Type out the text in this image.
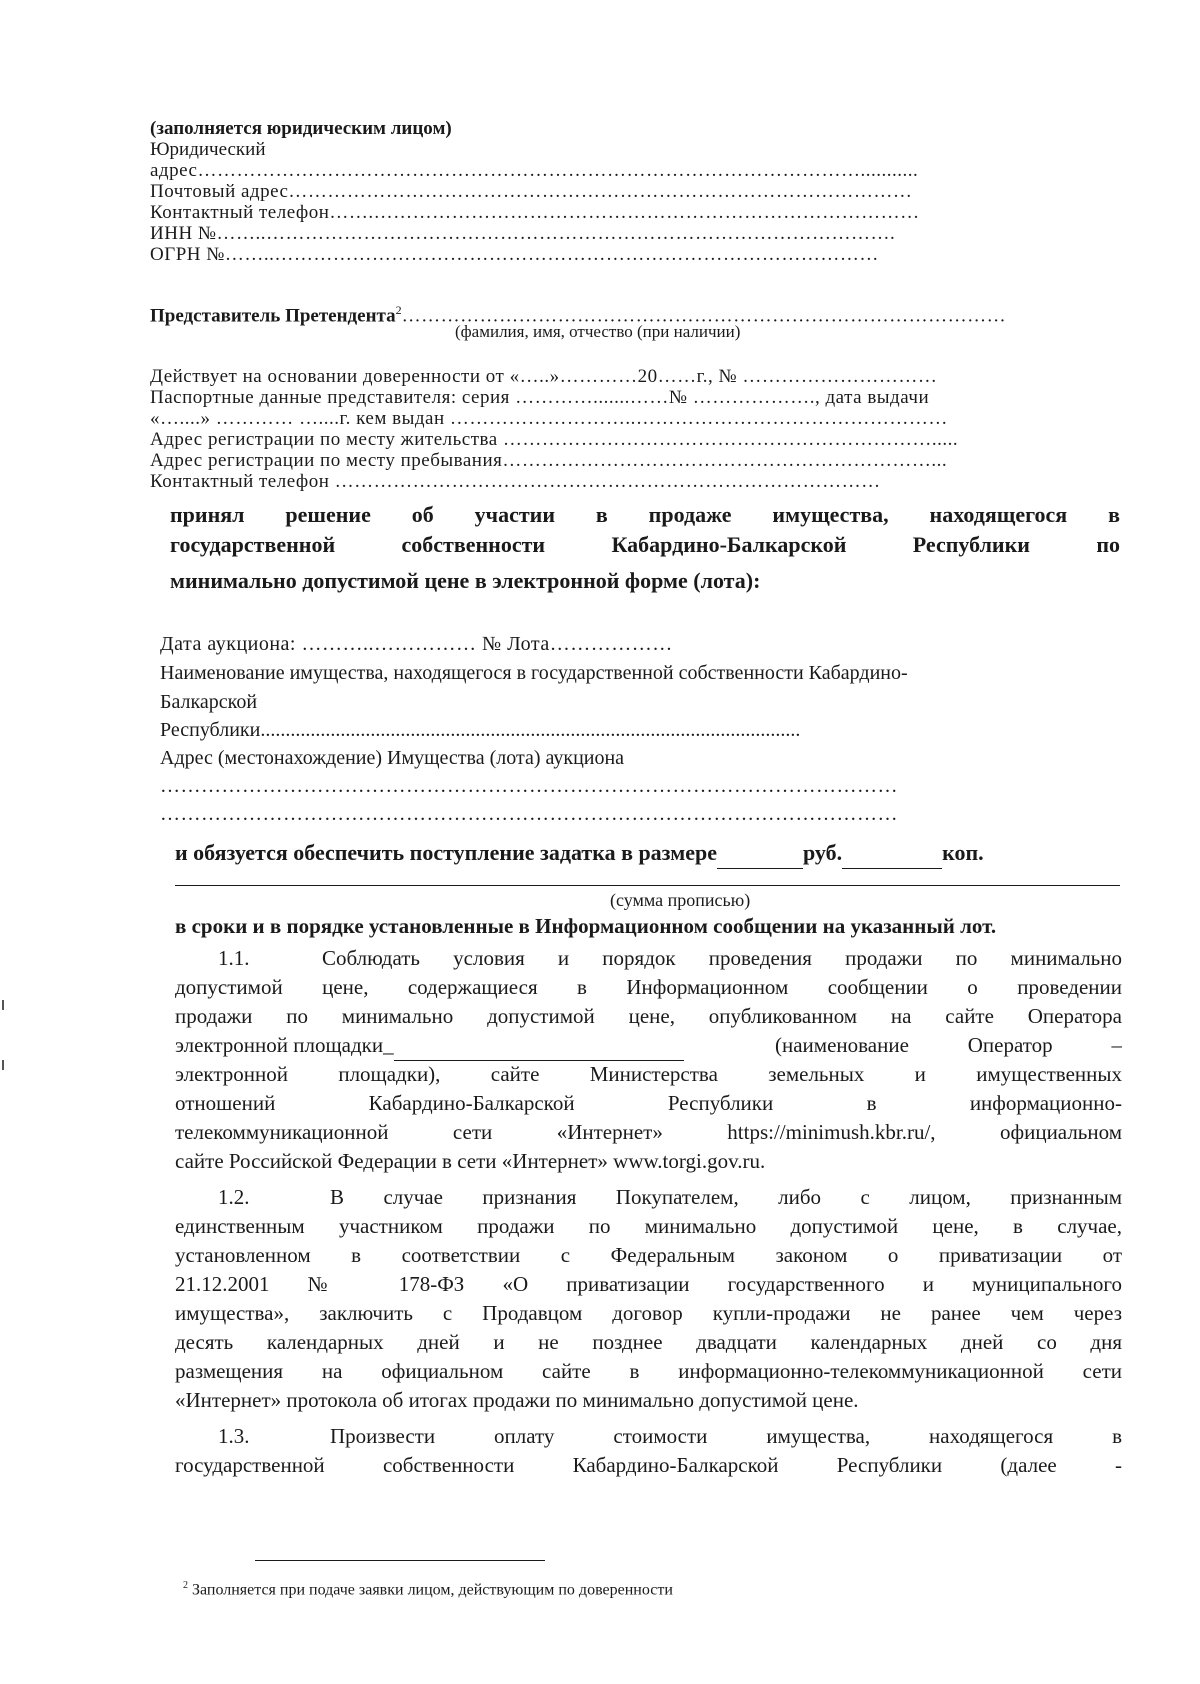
(заполняется юридическим лицом)
Юридический
адрес…………………………………………………………………………………………...........
Почтовый адрес……………………………………………………………………………………
Контактный телефон…….…………………………………………………………………………
ИНН №……..…………………………………………………………………………………….
ОГРН №……..…………………………………………………………………………………
Представитель Претендента$^2$…………………………………………………………………………………
(фамилия, имя, отчество (при наличии)
Действует на основании доверенности от «…..»…………20……г., № …………………………
Паспортные данные представителя: серия ………….......……№ ………………., дата выдачи
«…....» ………… …....г. кем выдан ………………………..…………………………………………
Адрес регистрации по месту жительства ………………………………………………………….....
Адрес регистрации по месту пребывания…………………………………………………………...
Контактный телефон …………………………………………………………………………
принял решение об участии в продаже имущества, находящегося в
государственной собственности Кабардино-Балкарской Республики по
минимально допустимой цене в электронной форме (лота):
Дата аукциона: ………..…………… № Лота………………
Наименование имущества, находящегося в государственной собственности Кабардино-
Балкарской
Республики............................................................................................................
Адрес (местонахождение) Имущества (лота) аукциона
………………………………………………………………………………………………
………………………………………………………………………………………………
и обязуется обеспечить поступление задатка в размере	руб.	коп.
(сумма прописью)
в сроки и в порядке установленные в Информационном сообщении на указанный лот.
1.1.	Соблюдать условия и порядок проведения продажи по минимально
допустимой цене, содержащиеся в Информационном сообщении о проведении
продажи по минимально допустимой цене, опубликованном на сайте Оператора
электронной площадки_	(наименование Оператор –
электронной площадки), сайте Министерства земельных и имущественных
отношений Кабардино-Балкарской Республики в информационно-
телекоммуникационной сети «Интернет» https://minimush.kbr.ru/, официальном
сайте Российской Федерации в сети «Интернет» www.torgi.gov.ru.
1.2.	В случае признания Покупателем, либо с лицом, признанным
единственным участником продажи по минимально допустимой цене, в случае,
установленном в соответствии с Федеральным законом о приватизации от
21.12.2001 № 178-ФЗ «О приватизации государственного и муниципального
имущества», заключить с Продавцом договор купли-продажи не ранее чем через
десять календарных дней и не позднее двадцати календарных дней со дня
размещения на официальном сайте в информационно-телекоммуникационной сети
«Интернет» протокола об итогах продажи по минимально допустимой цене.
1.3.	Произвести оплату стоимости имущества, находящегося в
государственной собственности Кабардино-Балкарской Республики (далее -
$^2$ Заполняется при подаче заявки лицом, действующим по доверенности
